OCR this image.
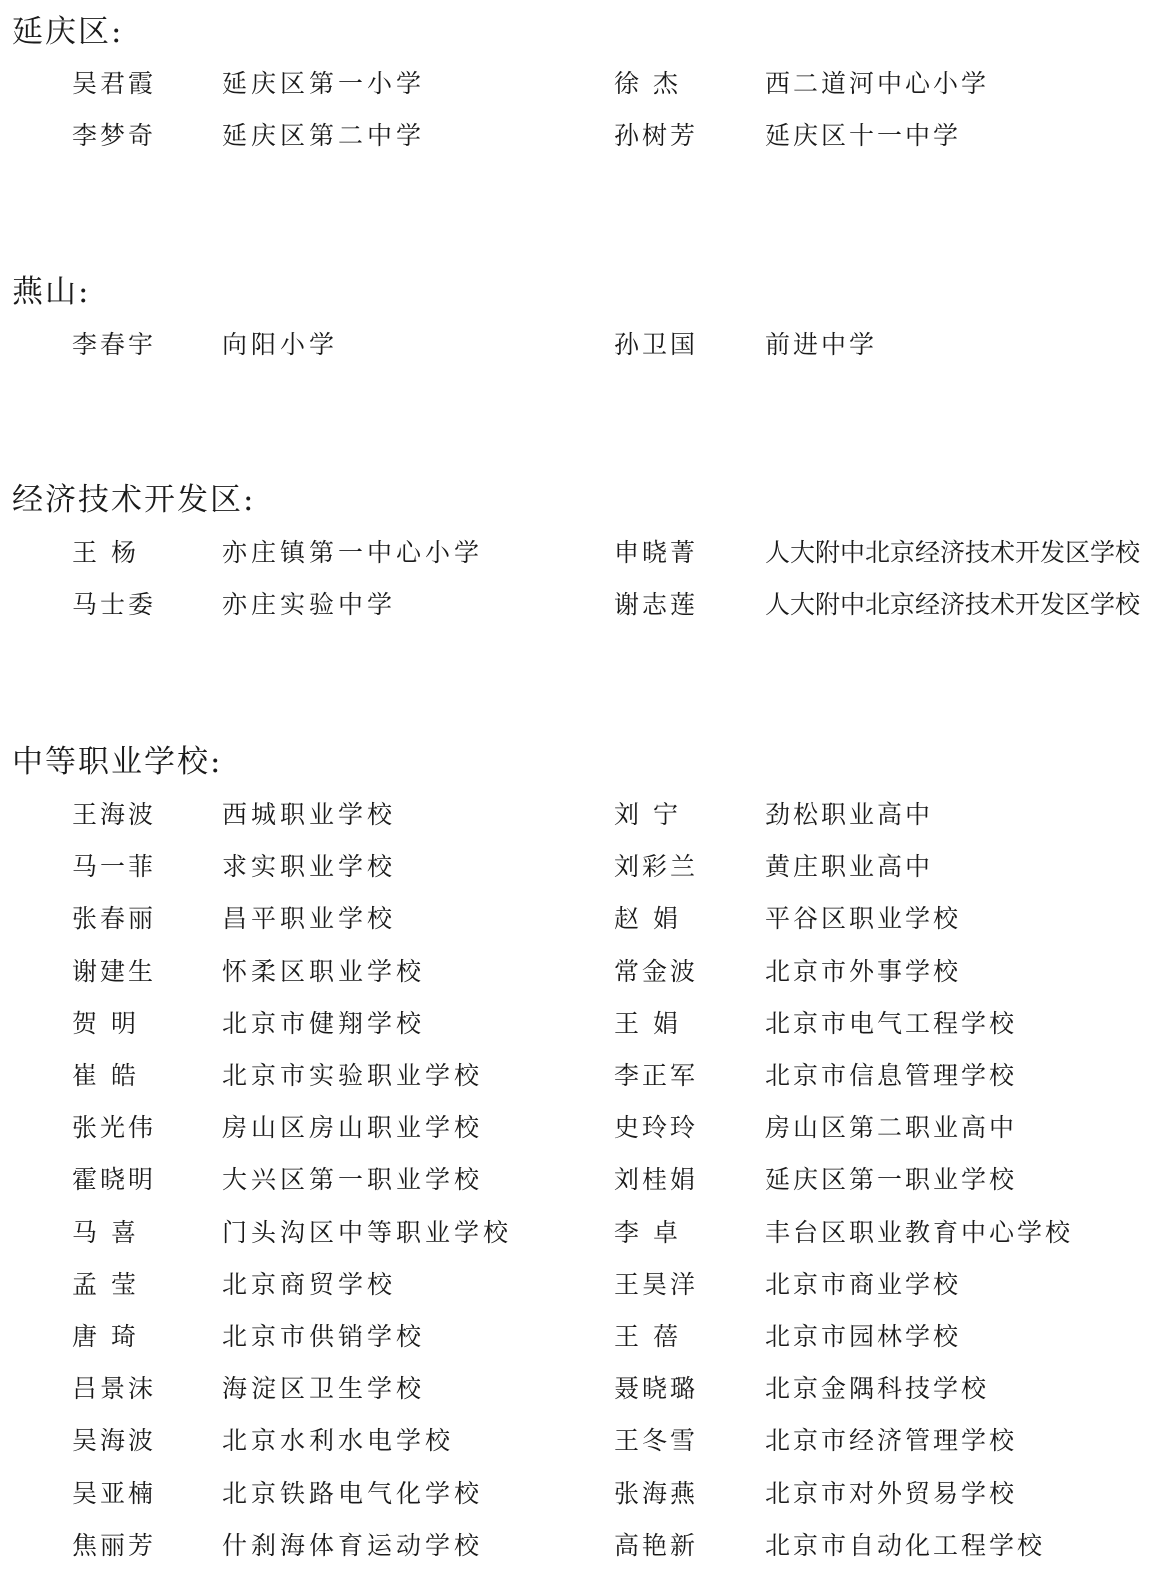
延庆区:
吴君霞	延庆区第一小学	徐 杰	西二道河中心小学
李梦奇	延庆区第二中学	孙树芳	延庆区十一中学
燕山:
李春宇	向阳小学	孙卫国	前进中学
经济技术开发区:
王 杨	亦庄镇第一中心小学	申晓菁	人大附中北京经济技术开发区学校
马士委	亦庄实验中学	谢志莲	人大附中北京经济技术开发区学校
中等职业学校:
王海波	西城职业学校	刘 宁	劲松职业高中
马一菲	求实职业学校	刘彩兰	黄庄职业高中
张春丽	昌平职业学校	赵 娟	平谷区职业学校
谢建生	怀柔区职业学校	常金波	北京市外事学校
贺 明	北京市健翔学校	王 娟	北京市电气工程学校
崔 皓	北京市实验职业学校	李正军	北京市信息管理学校
张光伟	房山区房山职业学校	史玲玲	房山区第二职业高中
霍晓明	大兴区第一职业学校	刘桂娟	延庆区第一职业学校
马 喜	门头沟区中等职业学校	李 卓	丰台区职业教育中心学校
孟 莹	北京商贸学校	王昊洋	北京市商业学校
唐 琦	北京市供销学校	王 蓓	北京市园林学校
吕景沫	海淀区卫生学校	聂晓璐	北京金隅科技学校
吴海波	北京水利水电学校	王冬雪	北京市经济管理学校
吴亚楠	北京铁路电气化学校	张海燕	北京市对外贸易学校
焦丽芳	什刹海体育运动学校	高艳新	北京市自动化工程学校
